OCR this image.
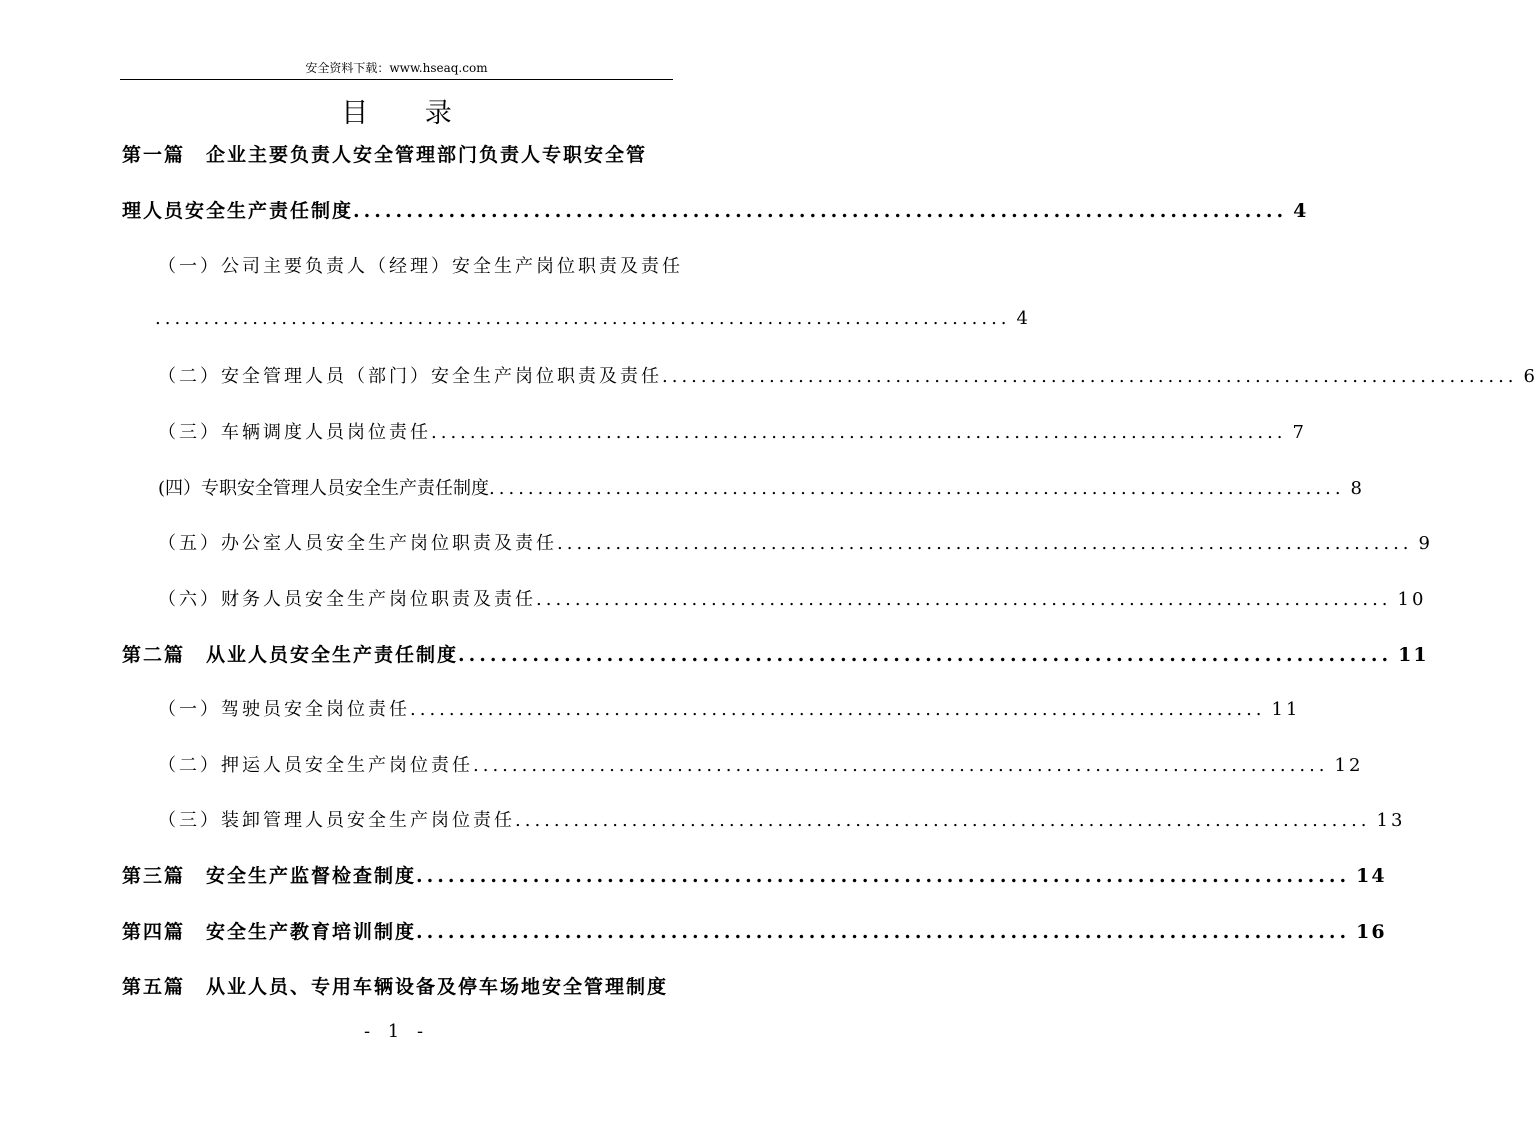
安全资料下载：www.hseaq.com
目 录
第一篇　企业主要负责人安全管理部门负责人专职安全管
理人员安全生产责任制度 ........................................................................................ 4
（一）公司主要负责人（经理）安全生产岗位职责及责任
........................................................................................ 4
（二）安全管理人员（部门）安全生产岗位职责及责任 ........................................................................................ 6
（三）车辆调度人员岗位责任 ........................................................................................ 7
(四）专职安全管理人员安全生产责任制度 ........................................................................................ 8
（五）办公室人员安全生产岗位职责及责任 ........................................................................................ 9
（六）财务人员安全生产岗位职责及责任 ........................................................................................ 10
第二篇　从业人员安全生产责任制度 ........................................................................................ 11
（一）驾驶员安全岗位责任 ........................................................................................ 11
（二）押运人员安全生产岗位责任 ........................................................................................ 12
（三）装卸管理人员安全生产岗位责任 ........................................................................................ 13
第三篇　安全生产监督检查制度 ........................................................................................ 14
第四篇　安全生产教育培训制度 ........................................................................................ 16
第五篇　从业人员、专用车辆设备及停车场地安全管理制度
- 1 -
